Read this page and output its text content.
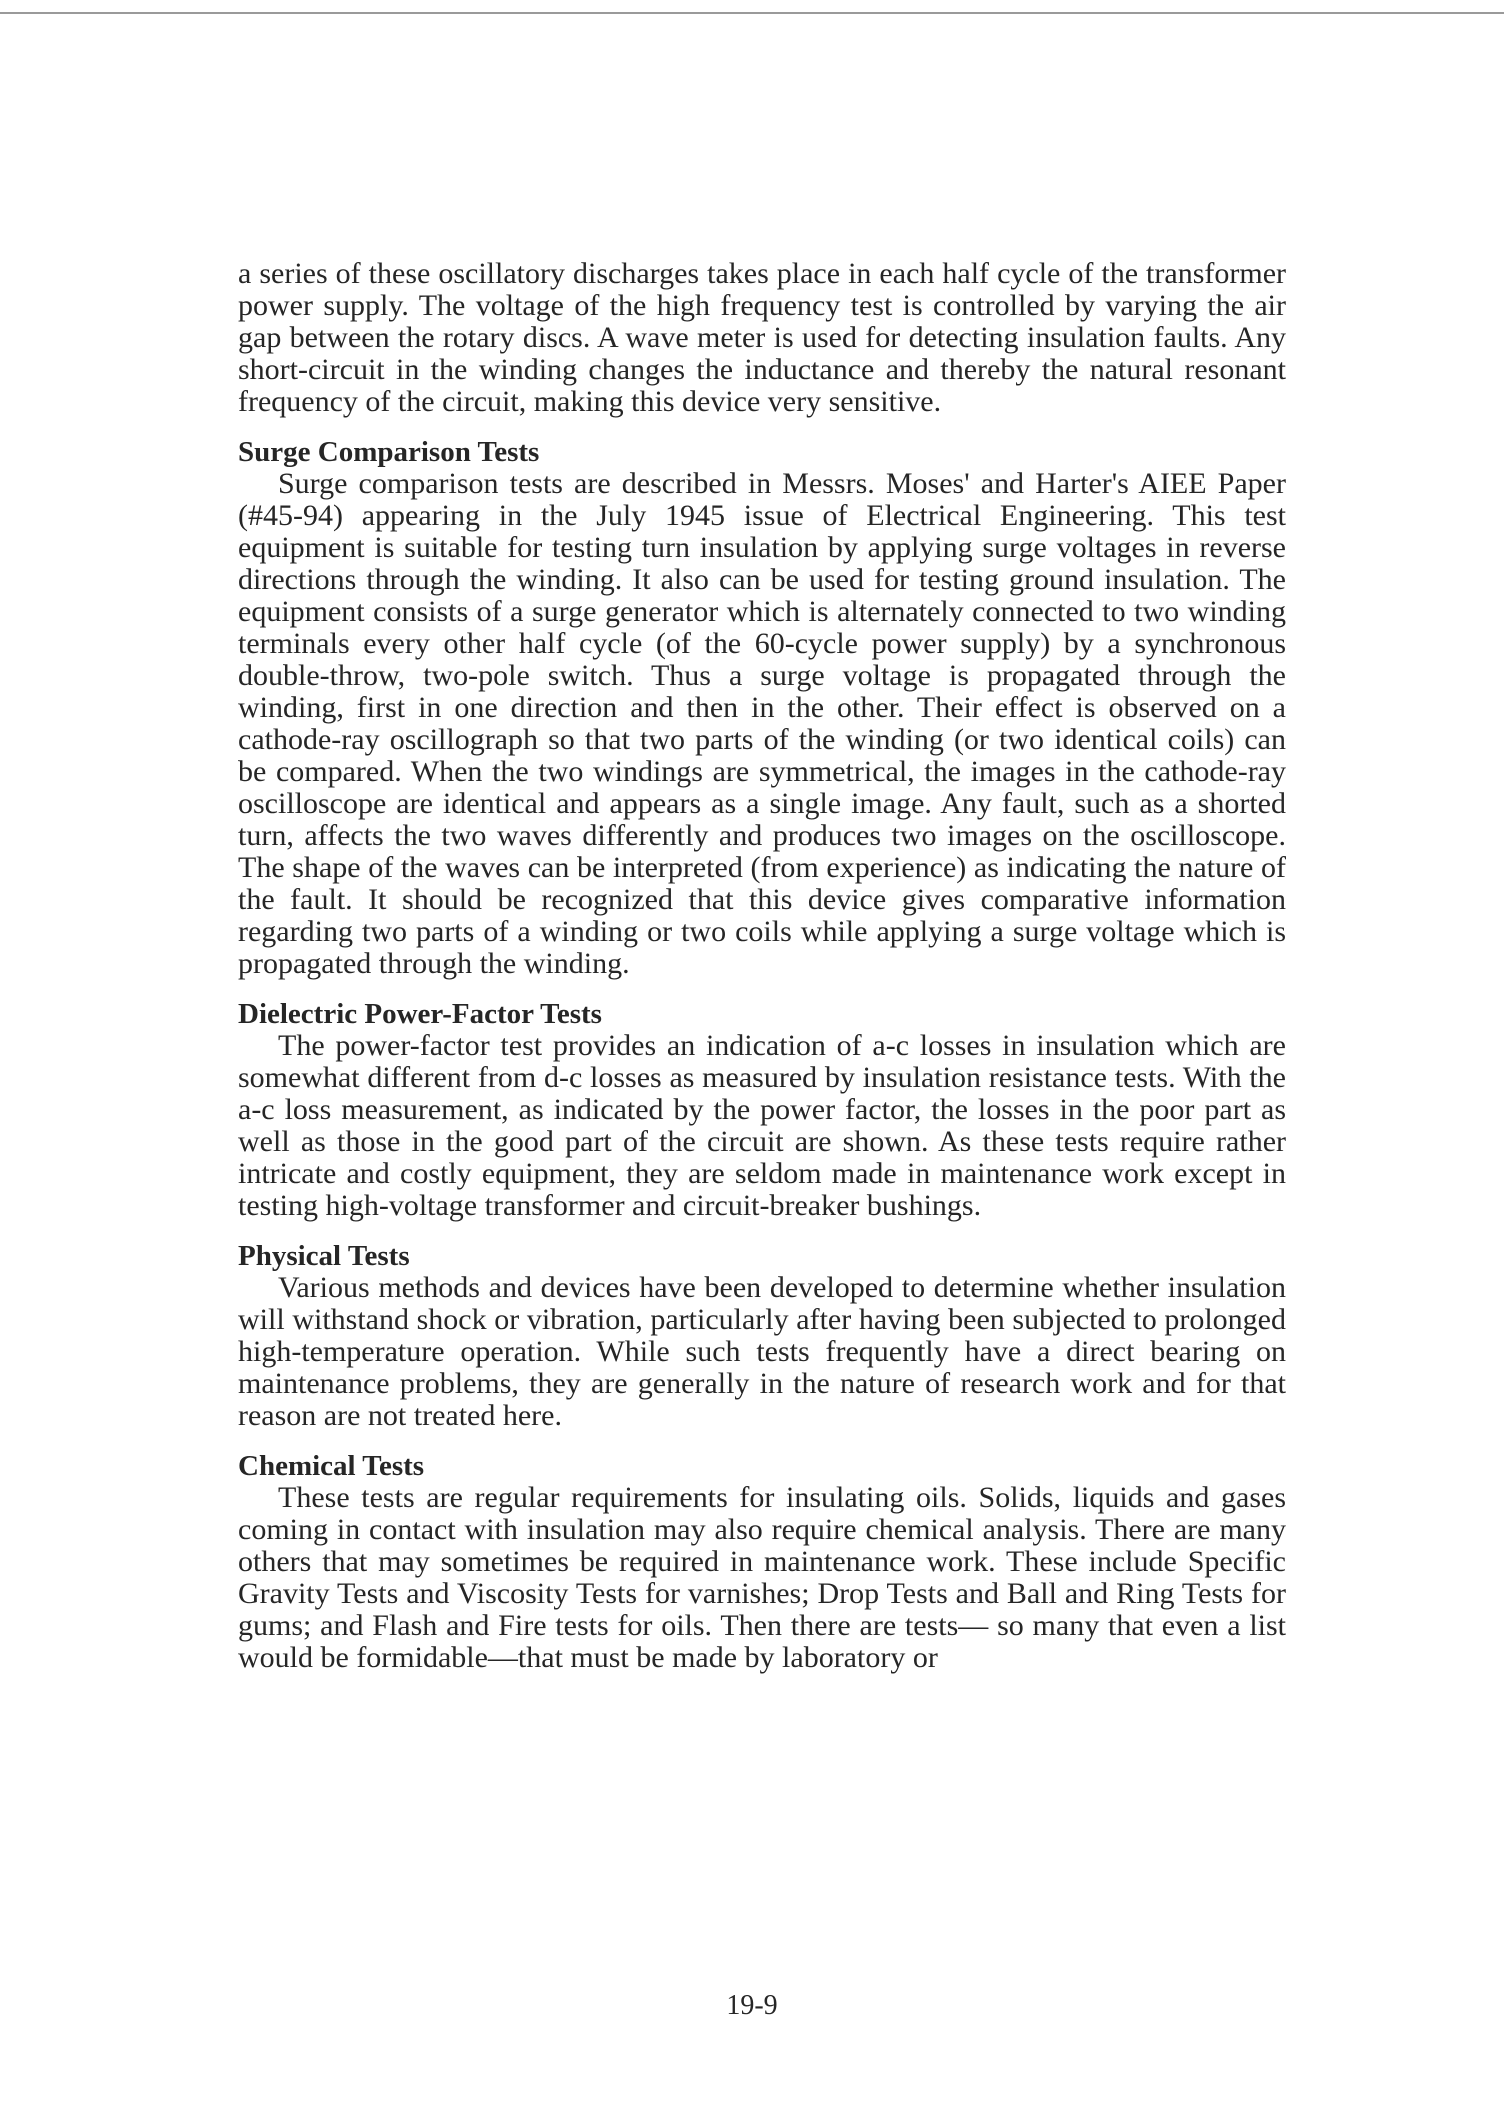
a series of these oscillatory discharges takes place in each half cycle of the transformer power supply. The voltage of the high frequency test is controlled by varying the air gap between the rotary discs. A wave meter is used for detecting insulation faults. Any short-circuit in the winding changes the inductance and thereby the natural resonant frequency of the circuit, making this device very sensitive.

Surge Comparison Tests

Surge comparison tests are described in Messrs. Moses' and Harter's AIEE Paper (#45-94) appearing in the July 1945 issue of Electrical Engineering. This test equipment is suitable for testing turn insulation by applying surge voltages in reverse directions through the winding. It also can be used for testing ground insulation. The equipment consists of a surge generator which is alternately connected to two winding terminals every other half cycle (of the 60-cycle power supply) by a synchronous double-throw, two-pole switch. Thus a surge voltage is propagated through the winding, first in one direction and then in the other. Their effect is observed on a cathode-ray oscillograph so that two parts of the winding (or two identical coils) can be compared. When the two windings are symmetrical, the images in the cathode-ray oscilloscope are identical and appears as a single image. Any fault, such as a shorted turn, affects the two waves differently and produces two images on the oscilloscope. The shape of the waves can be interpreted (from experience) as indicating the nature of the fault. It should be recognized that this device gives comparative information regarding two parts of a winding or two coils while applying a surge voltage which is propagated through the winding.

Dielectric Power-Factor Tests

The power-factor test provides an indication of a-c losses in insulation which are somewhat different from d-c losses as measured by insulation resistance tests. With the a-c loss measurement, as indicated by the power factor, the losses in the poor part as well as those in the good part of the circuit are shown. As these tests require rather intricate and costly equipment, they are seldom made in maintenance work except in testing high-voltage transformer and circuit-breaker bushings.

Physical Tests

Various methods and devices have been developed to determine whether insulation will withstand shock or vibration, particularly after having been subjected to prolonged high-temperature operation. While such tests frequently have a direct bearing on maintenance problems, they are generally in the nature of research work and for that reason are not treated here.

Chemical Tests

These tests are regular requirements for insulating oils. Solids, liquids and gases coming in contact with insulation may also require chemical analysis. There are many others that may sometimes be required in maintenance work. These include Specific Gravity Tests and Viscosity Tests for varnishes; Drop Tests and Ball and Ring Tests for gums; and Flash and Fire tests for oils. Then there are tests— so many that even a list would be formidable—that must be made by laboratory or

19-9
